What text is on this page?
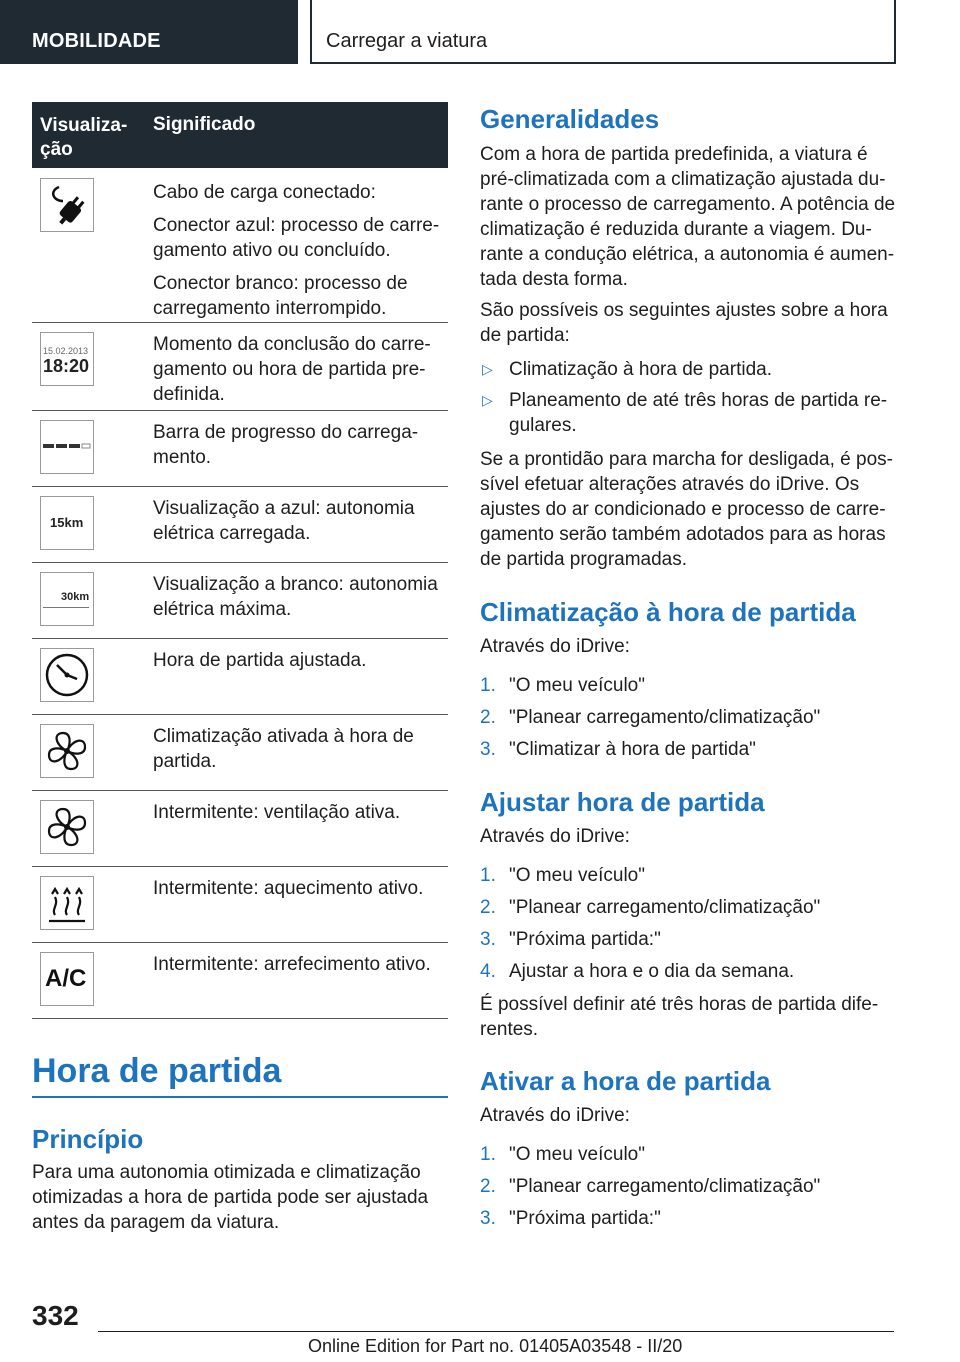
MOBILIDADE	Carregar a viatura
Visualiza-ção
Significado

Cabo de carga conectado:

Conector azul: processo de carre-gamento ativo ou concluído.

Conector branco: processo de carregamento interrompido.

15.02.2013
18:20

Momento da conclusão do carre-gamento ou hora de partida pre-definida.

Barra de progresso do carrega-mento.

15km

Visualização a azul: autonomia elétrica carregada.

30km

Visualização a branco: autonomia elétrica máxima.

Hora de partida ajustada.

Climatização ativada à hora de partida.

Intermitente: ventilação ativa.

Intermitente: aquecimento ativo.

A/C

Intermitente: arrefecimento ativo.

Hora de partida
Princípio
Para uma autonomia otimizada e climatização otimizadas a hora de partida pode ser ajustada antes da paragem da viatura.
Generalidades
Com a hora de partida predefinida, a viatura é pré-climatizada com a climatização ajustada du-rante o processo de carregamento. A potência de climatização é reduzida durante a viagem. Du-rante a condução elétrica, a autonomia é aumen-tada desta forma.
São possíveis os seguintes ajustes sobre a hora de partida:
▷ Climatização à hora de partida.
▷ Planeamento de até três horas de partida re-gulares.
Se a prontidão para marcha for desligada, é pos-sível efetuar alterações através do iDrive. Os ajustes do ar condicionado e processo de carre-gamento serão também adotados para as horas de partida programadas.
Climatização à hora de partida
Através do iDrive:
1. "O meu veículo"
2. "Planear carregamento/climatização"
3. "Climatizar à hora de partida"
Ajustar hora de partida
Através do iDrive:
1. "O meu veículo"
2. "Planear carregamento/climatização"
3. "Próxima partida:"
4. Ajustar a hora e o dia da semana.
É possível definir até três horas de partida dife-rentes.
Ativar a hora de partida
Através do iDrive:
1. "O meu veículo"
2. "Planear carregamento/climatização"
3. "Próxima partida:"
332
Online Edition for Part no. 01405A03548 - II/20
